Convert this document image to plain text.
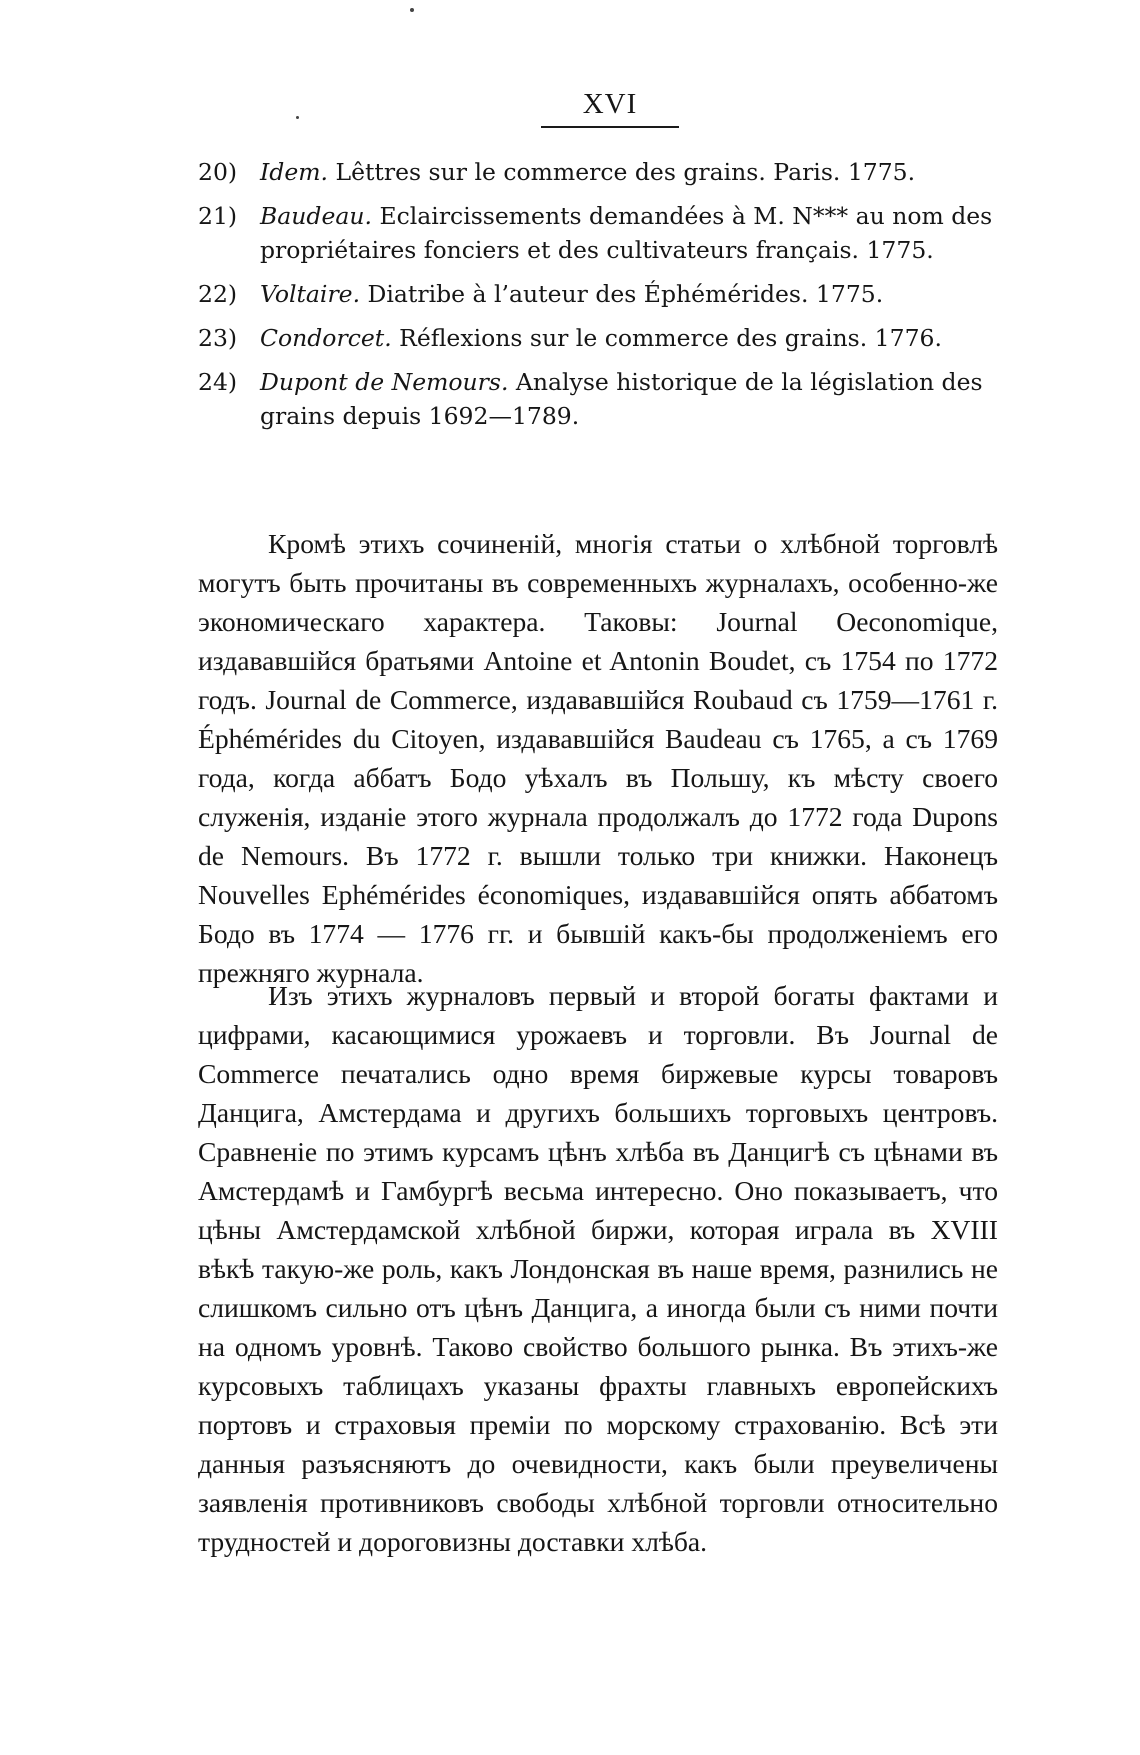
XVI
20) Idem. Lêttres sur le commerce des grains. Paris. 1775.
21) Baudeau. Eclaircissements demandées à M. N*** au nom des propriétaires fonciers et des cultivateurs français. 1775.
22) Voltaire. Diatribe à l’auteur des Éphémérides. 1775.
23) Condorcet. Réflexions sur le commerce des grains. 1776.
24) Dupont de Nemours. Analyse historique de la législation des grains depuis 1692—1789.

Кромѣ этихъ сочиненій, многія статьи о хлѣбной торговлѣ могутъ быть прочитаны въ современныхъ журналахъ, особенно-же экономическаго характера. Таковы: Journal Oeconomique, издававшійся братьями Antoine et Antonin Boudet, съ 1754 по 1772 годъ. Journal de Commerce, издававшійся Roubaud съ 1759—1761 г. Éphémérides du Citoyen, издававшійся Baudeau съ 1765, а съ 1769 года, когда аббатъ Бодо уѣхалъ въ Польшу, къ мѣсту своего служенія, изданіе этого журнала продолжалъ до 1772 года Dupons de Nemours. Въ 1772 г. вышли только три книжки. Наконецъ Nouvelles Ephémérides économiques, издававшійся опять аббатомъ Бодо въ 1774 — 1776 гг. и бывшій какъ-бы продолженіемъ его прежняго журнала.

Изъ этихъ журналовъ первый и второй богаты фактами и цифрами, касающимися урожаевъ и торговли. Въ Journal de Commerce печатались одно время биржевые курсы товаровъ Данцига, Амстердама и другихъ большихъ торговыхъ центровъ. Сравненіе по этимъ курсамъ цѣнъ хлѣба въ Данцигѣ съ цѣнами въ Амстердамѣ и Гамбургѣ весьма интересно. Оно показываетъ, что цѣны Амстердамской хлѣбной биржи, которая играла въ XVIII вѣкѣ такую-же роль, какъ Лондонская въ наше время, разнились не слишкомъ сильно отъ цѣнъ Данцига, а иногда были съ ними почти на одномъ уровнѣ. Таково свойство большого рынка. Въ этихъ-же курсовыхъ таблицахъ указаны фрахты главныхъ европейскихъ портовъ и страховыя преміи по морскому страхованію. Всѣ эти данныя разъясняютъ до очевидности, какъ были преувеличены заявленія противниковъ свободы хлѣбной торговли относительно трудностей и дороговизны доставки хлѣба.
